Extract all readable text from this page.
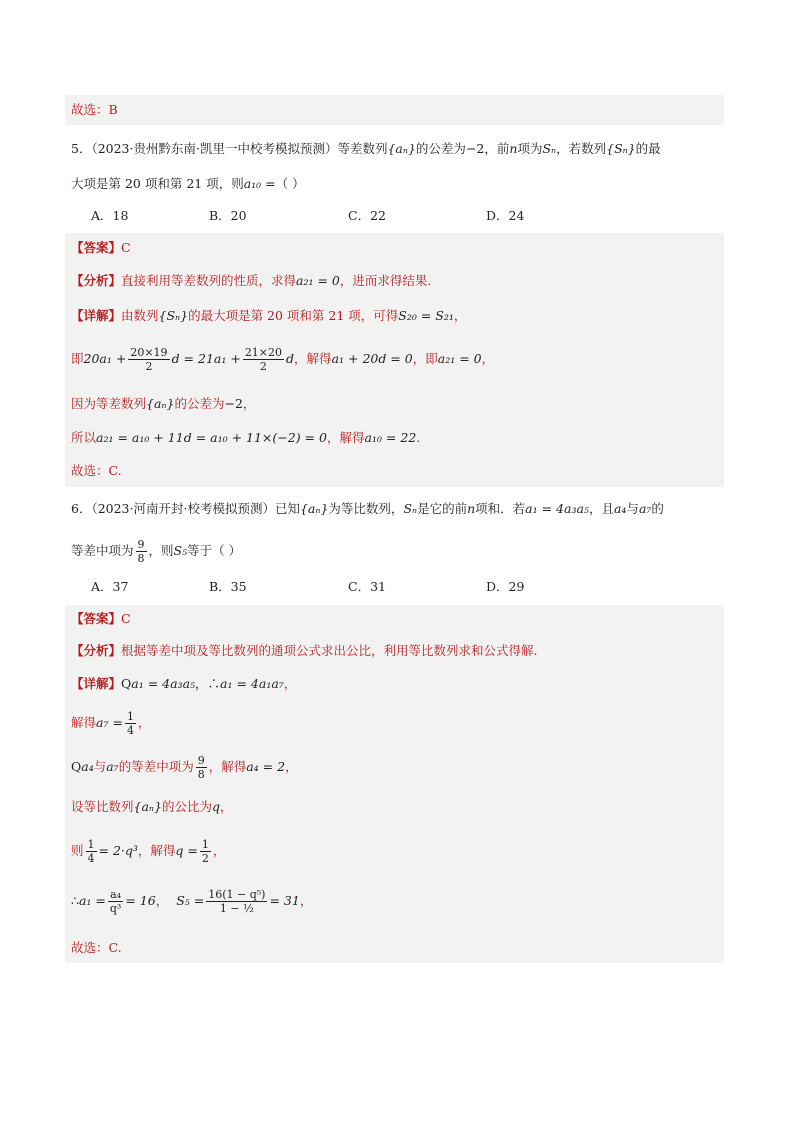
故选：B
5．（2023·贵州黔东南·凯里一中校考模拟预测）等差数列{aₙ}的公差为−2，前n项为Sₙ，若数列{Sₙ}的最
大项是第 20 项和第 21 项，则a₁₀ =（ ）
A．18	B．20	C．22	D．24
【答案】C
【分析】直接利用等差数列的性质，求得a₂₁ = 0，进而求得结果.
【详解】由数列{Sₙ}的最大项是第 20 项和第 21 项，可得S₂₀ = S₂₁，
即$20a_1 + \frac{20\times 19}{2}$ $d = 21a_1 + \frac{21\times 20}{2}$ d，解得a₁ + 20d = 0，即a₂₁ = 0，
因为等差数列{aₙ}的公差为−2，
所以a₂₁ = a₁₀ + 11d = a₁₀ + 11×(−2) = 0，解得a₁₀ = 22.
故选：C.
6．（2023·河南开封·校考模拟预测）已知{aₙ}为等比数列，Sₙ是它的前n项和．若a₁ = 4a₃a₅，且a₄与a₇的
等差中项为 $\frac{9}{8}$ ，则S₅等于（ ）
A．37	B．35	C．31	D．29
【答案】C
【分析】根据等差中项及等比数列的通项公式求出公比，利用等比数列求和公式得解.
【详解】Qa₁ = 4a₃a₅，∴a₁ = 4a₁a₇，
解得$a_7 = \frac{1}{4}$ ，
Qa₄与a₇的等差中项为 $\frac{9}{8}$ ，解得a₄ = 2，
设等比数列{aₙ}的公比为q，
则 $\frac{1}{4} = 2\cdot q^3$，解得$q = \frac{1}{2}$ ，
∴a₁ = $\frac{\text{a₄}}{\text{q³}} = 16$， $S_5 = \frac{\text{16(1 − q⁵)}}{\text{1 − ½}} = 31$，
故选：C.
